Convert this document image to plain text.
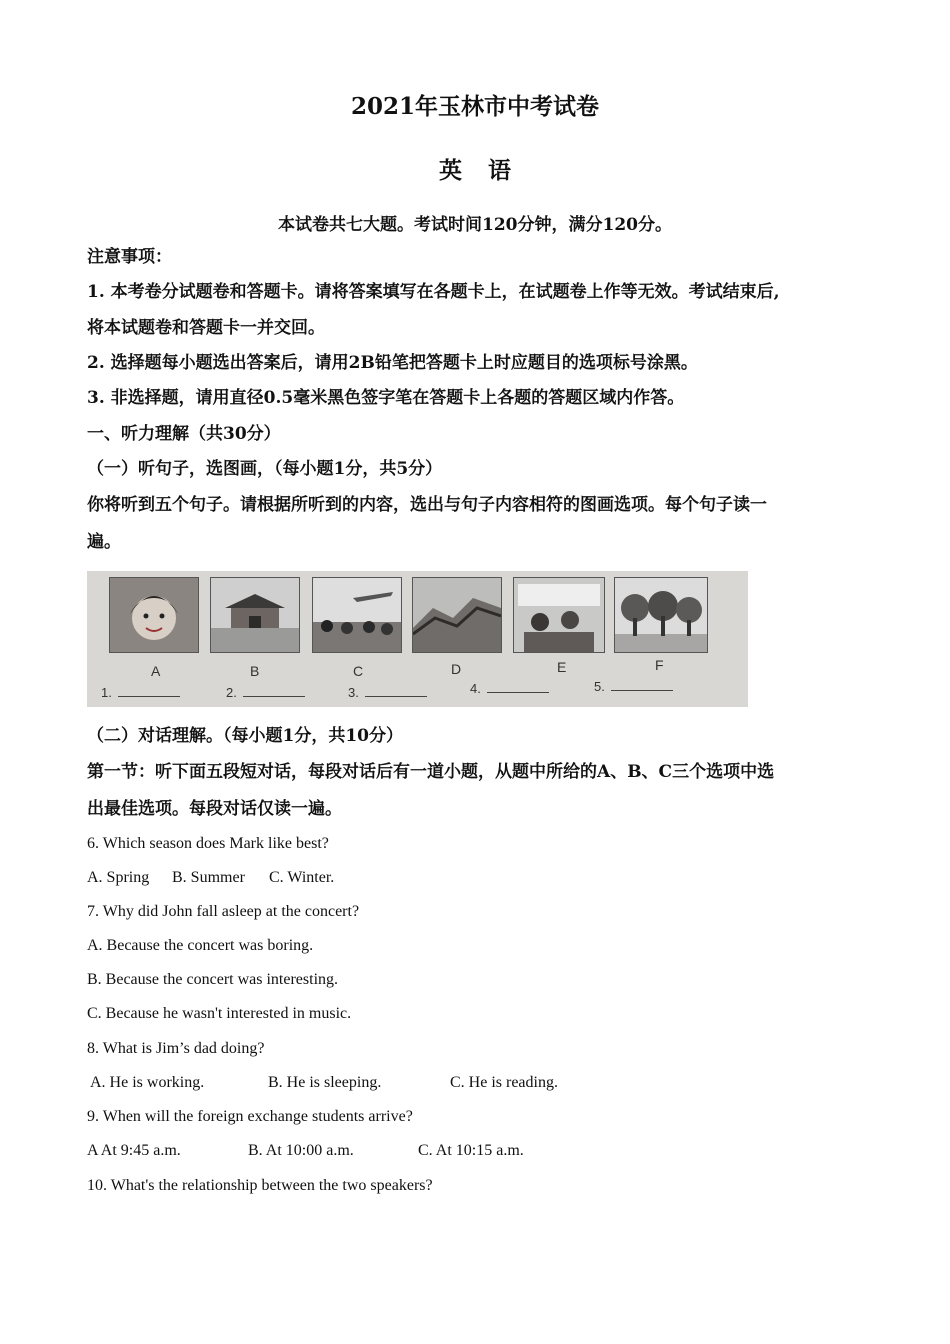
2021年玉林市中考试卷
英语
本试卷共七大题。考试时间120分钟，满分120分。
注意事项：
1. 本考卷分试题卷和答题卡。请将答案填写在各题卡上，在试题卷上作等无效。考试结束后,
将本试题卷和答题卡一并交回。
2. 选择题每小题选出答案后，请用2B铅笔把答题卡上时应题目的选项标号涂黑。
3. 非选择题，请用直径0.5毫米黑色签字笔在答题卡上各题的答题区域内作答。
一、听力理解（共30分）
（一）听句子，选图画，（每小题1分，共5分）
你将听到五个句子。请根据所听到的内容，选出与句子内容相符的图画选项。每个句子读一
遍。
A	B	C	D	E	F
1.	2.	3.	4.	5.
（二）对话理解。（每小题1分，共10分）
第一节：听下面五段短对话，每段对话后有一道小题，从题中所给的A、B、C三个选项中选
出最佳选项。每段对话仅读一遍。
6. Which season does Mark like best?
A. Spring B. Summer C. Winter.
7. Why did John fall asleep at the concert?
A. Because the concert was boring.
B. Because the concert was interesting.
C. Because he wasn't interested in music.
8. What is Jim’s dad doing?
A. He is working.	B. He is sleeping.	C. He is reading.
9. When will the foreign exchange students arrive?
A At 9:45 a.m.	B. At 10:00 a.m.	C. At 10:15 a.m.
10. What's the relationship between the two speakers?
